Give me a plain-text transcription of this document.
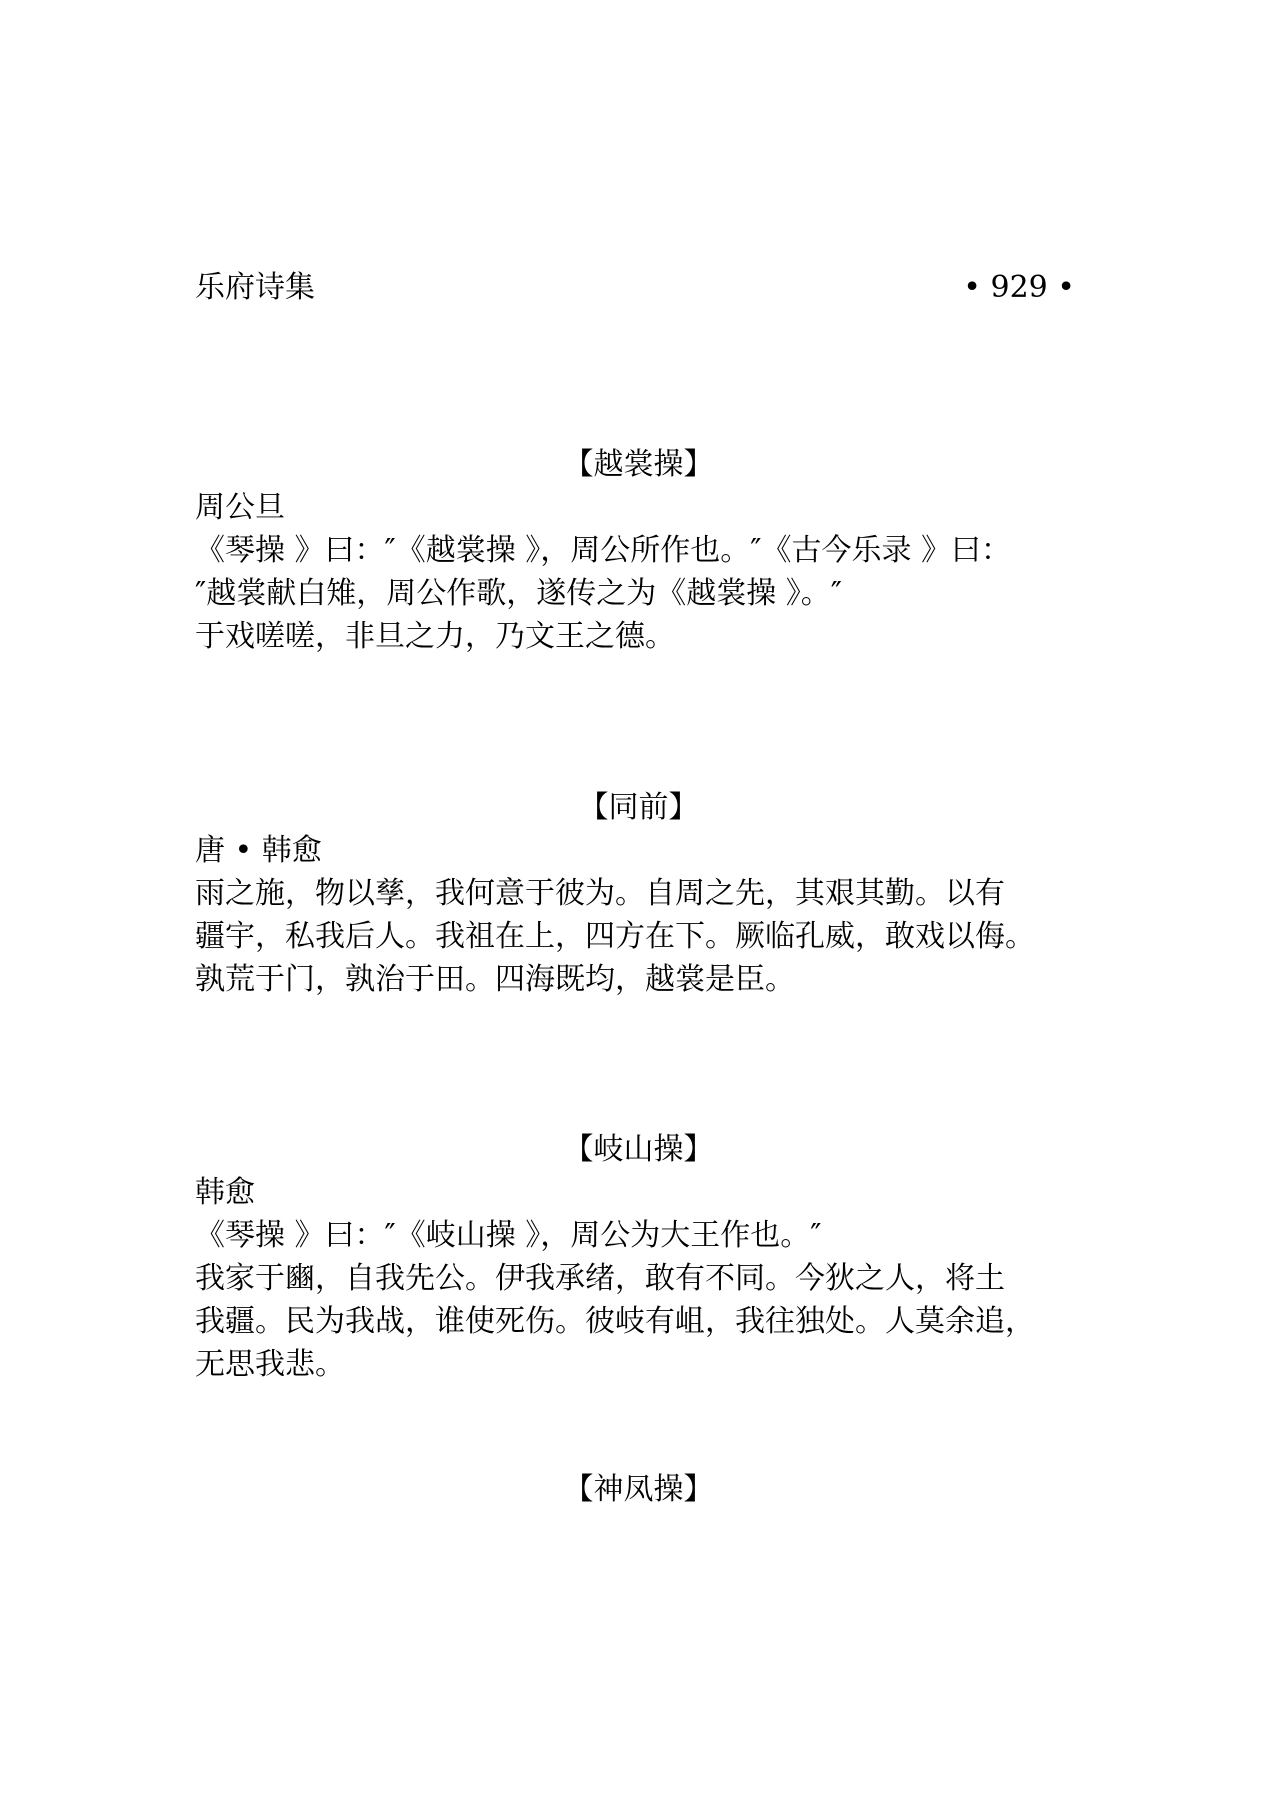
乐府诗集	• 929 •
【越裳操】
周公旦
《琴操 》曰：″《越裳操 》，周公所作也。″《古今乐录 》曰：
″越裳献白雉，周公作歌，遂传之为《越裳操 》。″
于戏嗟嗟，非旦之力，乃文王之德。
【同前】
唐 • 韩愈
雨之施，物以孳，我何意于彼为。自周之先，其艰其勤。以有
疆宇，私我后人。我祖在上，四方在下。厥临孔威，敢戏以侮。
孰荒于门，孰治于田。四海既均，越裳是臣。
【岐山操】
韩愈
《琴操 》曰：″《岐山操 》，周公为大王作也。″
我家于豳，自我先公。伊我承绪，敢有不同。今狄之人，将土
我疆。民为我战，谁使死伤。彼岐有岨，我往独处。人莫余追，
无思我悲。
【神凤操】
